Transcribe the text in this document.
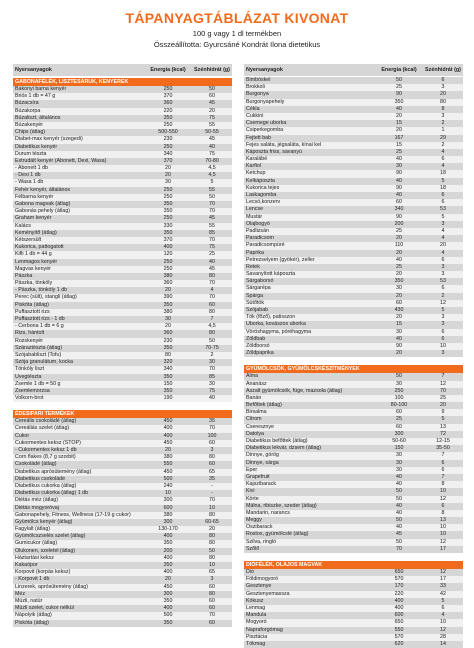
TÁPANYAGTÁBLÁZAT KIVONAT
100 g vagy 1 dl termékben
Összeállította: Gyurcsáné Kondrát Ilona dietetikus
Nyersanyagok	Energia (kcal)	Szénhidrát (g)
GABONAFÉLÉK, LISZTESÁRUK, KENYEREK
Bakonyi barna kenyér	250	50
Briós 1 db = 47 g	370	60
Búzacsíra	360	45
Búzakorpa	220	20
Búzaliszt, általános	350	75
Búzakenyér	250	55
Chips (átlag)	500-550	50-55
Diabet-max kenyér (szegedi)	230	45
Diabetikus kenyér	250	40
Durum tészta	340	75
Extrudált kenyér (Abonett, Dexi, Wasa)	370	70-80
- Abonett 1 db	20	4,5
- Dexi 1 db	20	4,5
- Wasa 1 db	30	5
Fehér kenyér, általános	250	55
Félbarna kenyér	250	50
Gabona magvak (átlag)	350	70
Gabonás pehely (átlag)	350	70
Graham kenyér	250	45
Kalács	330	55
Keményítő (átlag)	350	85
Kétszersült	370	70
Kukorica, pattogatott	400	75
Kifli 1 db = 44 g	120	25
Lenmagos kenyér	250	40
Magvas kenyér	250	45
Pászka	380	80
Pászka, tönköly	360	70
- Pászka, tönköly 1 db	20	4
Perec (sült), stangli (átlag)	390	70
Piskóta (átlag)	350	60
Puffasztott rizs	380	80
Puffasztott rizs - 1 db	30	7
- Cerbona 1 db = 6 g	20	4,5
Rizs, hántolt	360	80
Rozskenyér	230	50
Száraztészta (átlag)	350	70-75
Szójababliszt (Tofu)	80	2
Szója granulátum, kocka	320	30
Tönköly liszt	340	70
Üvegtészta	350	85
Zsemle 1 db = 50 g	150	30
Zsemlemorzsa	350	75
Volkorn-brot	190	40
ÉDESIPARI TERMÉKEK
Cereális csokoládé (átlag)	450	35
Cereáliás szelet (átlag)	400	70
Cukor	400	100
Cukormentes keksz (STOP)	450	60
- Cukormentes keksz 1 db	20	3
Corn flakes (8,7 g szorbit)	380	80
Csokoládé (átlag)	550	60
Diabetikus aprósütemény (átlag)	450	65
Diabetikus csokoládé	500	35
Diabetikus cukorka (átlag)	240	-
Diabetikus cukorka (átlag) 1 db	10	-
Diétás méz (átlag)	300	70
Diétás mogyoróvaj	600	10
Gabonapehely, Fitness, Wellness (17-19 g cukor)	380	80
Gyümölcs kenyér (átlag)	300	60-65
Fagylalt (átlag)	130-170	20
Gyümölcszselés szelet (átlag)	400	80
Gumicukor (átlag)	350	80
Olukonen, szeletel (átlag)	200	50
Háztartási keksz	400	80
Kakaópor	350	10
Korpovit (korpás keksz)	400	65
- Korpovit 1 db	20	3
Linzerek, aprósütemény (átlag)	450	60
Méz	300	80
Müzli, natúr	350	60
Müzli szelet, cukor nélkül	400	60
Nápolyik (átlag)	500	70
Piskóta (átlag)	350	60
Nyersanyagok	Energia (kcal)	Szénhidrát (g)
Bimbóskel	50	6
Brokkoli	25	3
Burgonya	90	20
Burgonyapehely	350	80
Cékla	40	8
Cukkini	20	3
Csemege uborka	15	2
Csiperkegomba	20	1
Fejtett bab	167	29
Fejes saláta, jégsaláta, kínai kel	15	2
Káposzta friss, savanyú	25	4
Karalábé	40	6
Karfiol	30	4
Ketchup	90	18
Kelkáposzta	40	5
Kukorica tejes	90	18
Laskagomba	40	6
Lecsó,konzerv	60	6
Lencse	340	53
Mustár	90	5
Olajbogyó	200	3
Padlizsán	25	4
Paradicsom	20	4
Paradicsompüré	110	20
Paprika	20	4
Petrezselyem (gyökér), zeller	40	6
Retek	25	3
Savanyított káposzta	20	3
Sárgaborsó	350	53
Sárgarépa	30	6
Spárga	20	2
Sütőtök	60	12
Szójabab	430	5
Tök (főző), patisszon	20	3
Uborka, kovászos uborka	15	3
Vöröshagyma, póréhagyma	30	6
Zöldbab	40	6
Zöldborsó	90	10
Zöldpaprika	20	3
GYÜMÖLCSÖK, GYÜMÖLCSKÉSZÍTMÉNYEK
Alma	50	7
Ananász	30	12
Aszalt gyümölcsök, füge, mazsola (átlag)	250	70
Banán	100	25
Befőttek (átlag)	80-100	20
Birsalma	60	9
Citrom	25	5
Cseresznye	60	13
Datolya	300	72
Diabetikus befőttek (átlag)	50-60	12-15
Diabetikus lekvár, dzsem (átlag)	150	35-50
Dinnye, görög	30	7
Dinnye, sárga	30	6
Eper	30	6
Grapefruit	40	7
Kajszibarack	40	8
Kivi	50	10
Körte	50	12
Málna, ribiszke, szeder (átlag)	40	6
Mandarin, narancs	40	8
Meggy	50	13
Őszibarack	40	10
Rostos, gyümölcslé (átlag)	45	10
Szilva, ringló	50	12
Szőlő	70	17
DIÓFÉLÉK, OLAJOS MAGVAK
Dió	650	12
Földimogyoró	570	17
Gesztenye	170	33
Gesztenyemassza	220	42
Kókusz	400	5
Lenmag	400	6
Mandula	600	4
Mogyoró	650	10
Napraforgómag	550	12
Pisztácia	570	28
Tökmag	620	14
